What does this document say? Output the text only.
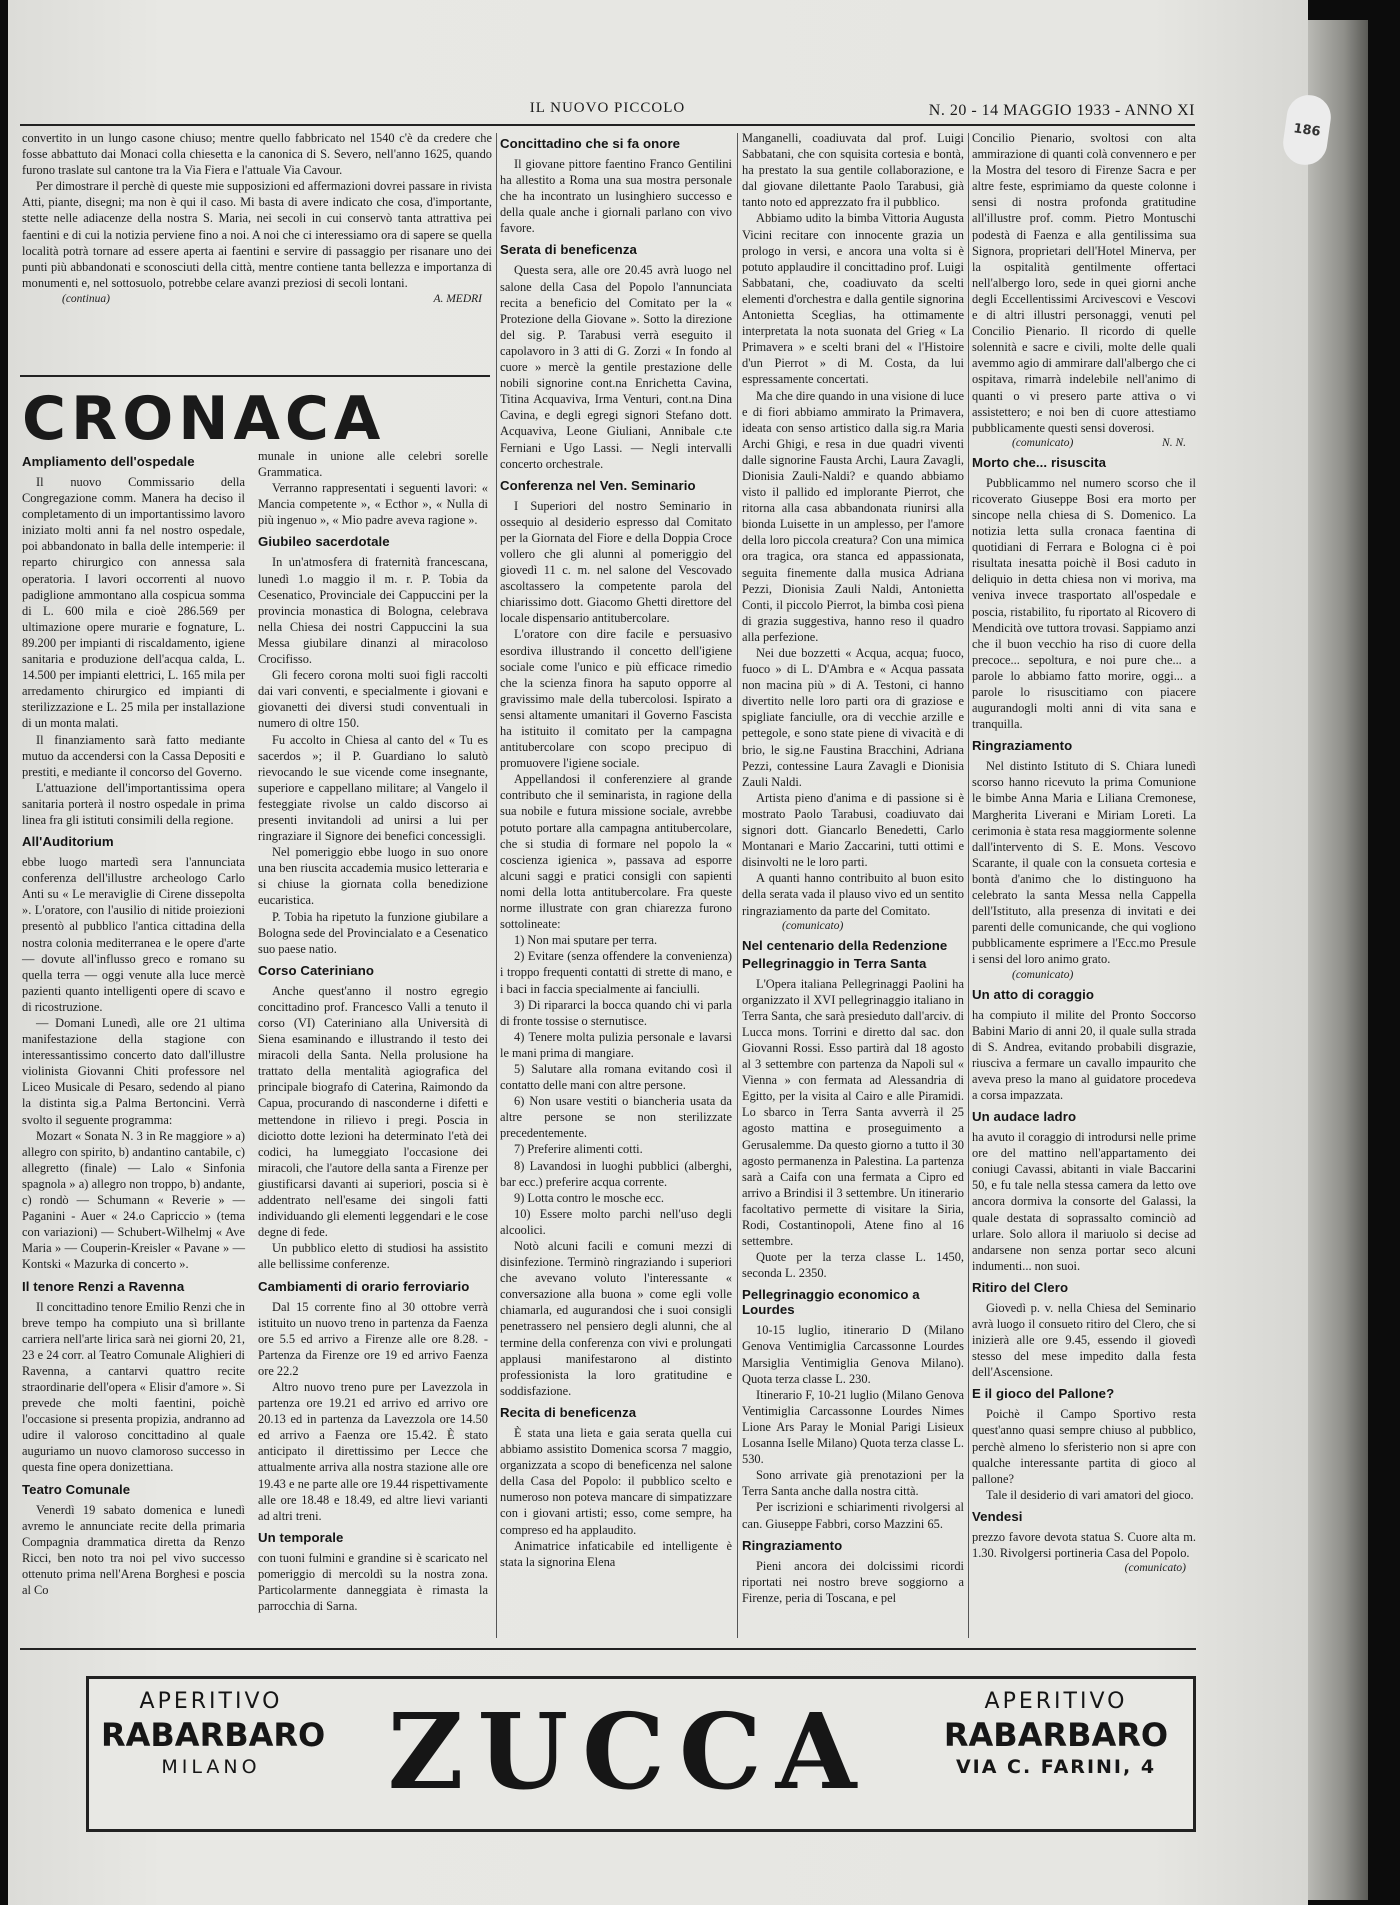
186
IL NUOVO PICCOLO	N. 20 - 14 MAGGIO 1933 - ANNO XI

convertito in un lungo casone chiuso; mentre quello fabbricato nel 1540 c'è da credere che fosse abbattuto dai Monaci colla chiesetta e la canonica di S. Severo, nell'anno 1625, quando furono traslate sul cantone tra la Via Fiera e l'attuale Via Cavour.

Per dimostrare il perchè di queste mie supposizioni ed affermazioni dovrei passare in rivista Atti, piante, disegni; ma non è qui il caso. Mi basta di avere indicato che cosa, d'importante, stette nelle adiacenze della nostra S. Maria, nei secoli in cui conservò tanta attrattiva pei faentini e di cui la notizia perviene fino a noi. A noi che ci interessiamo ora di sapere se quella località potrà tornare ad essere aperta ai faentini e servire di passaggio per risanare uno dei punti più abbandonati e sconosciuti della città, mentre contiene tanta bellezza e importanza di monumenti e, nel sottosuolo, potrebbe celare avanzi preziosi di secoli lontani.

(continua)	A. MEDRI
CRONACA
Ampliamento dell'ospedale

Il nuovo Commissario della Congregazione comm. Manera ha deciso il completamento di un importantissimo lavoro iniziato molti anni fa nel nostro ospedale, poi abbandonato in balla delle intemperie: il reparto chirurgico con annessa sala operatoria. I lavori occorrenti al nuovo padiglione ammontano alla cospicua somma di L. 600 mila e cioè 286.569 per ultimazione opere murarie e fognature, L. 89.200 per impianti di riscaldamento, igiene sanitaria e produzione dell'acqua calda, L. 14.500 per impianti elettrici, L. 165 mila per arredamento chirurgico ed impianti di sterilizzazione e L. 25 mila per installazione di un monta malati.

Il finanziamento sarà fatto mediante mutuo da accendersi con la Cassa Depositi e prestiti, e mediante il concorso del Governo.

L'attuazione dell'importantissima opera sanitaria porterà il nostro ospedale in prima linea fra gli istituti consimili della regione.

All'Auditorium

ebbe luogo martedì sera l'annunciata conferenza dell'illustre archeologo Carlo Anti su « Le meraviglie di Cirene dissepolta ». L'oratore, con l'ausilio di nitide proiezioni presentò al pubblico l'antica cittadina della nostra colonia mediterranea e le opere d'arte — dovute all'influsso greco e romano su quella terra — oggi venute alla luce mercè pazienti quanto intelligenti opere di scavo e di ricostruzione.

— Domani Lunedì, alle ore 21 ultima manifestazione della stagione con interessantissimo concerto dato dall'illustre violinista Giovanni Chiti professore nel Liceo Musicale di Pesaro, sedendo al piano la distinta sig.a Palma Bertoncini. Verrà svolto il seguente programma:

Mozart « Sonata N. 3 in Re maggiore » a) allegro con spirito, b) andantino cantabile, c) allegretto (finale) — Lalo « Sinfonia spagnola » a) allegro non troppo, b) andante, c) rondò — Schumann « Reverie » — Paganini - Auer « 24.o Capriccio » (tema con variazioni) — Schubert-Wilhelmj « Ave Maria » — Couperin-Kreisler « Pavane » — Kontski « Mazurka di concerto ».

Il tenore Renzi a Ravenna

Il concittadino tenore Emilio Renzi che in breve tempo ha compiuto una sì brillante carriera nell'arte lirica sarà nei giorni 20, 21, 23 e 24 corr. al Teatro Comunale Alighieri di Ravenna, a cantarvi quattro recite straordinarie dell'opera « Elisir d'amore ». Si prevede che molti faentini, poichè l'occasione si presenta propizia, andranno ad udire il valoroso concittadino al quale auguriamo un nuovo clamoroso successo in questa fine opera donizettiana.

Teatro Comunale

Venerdì 19 sabato domenica e lunedì avremo le annunciate recite della primaria Compagnia drammatica diretta da Renzo Ricci, ben noto tra noi pel vivo successo ottenuto prima nell'Arena Borghesi e poscia al Co

munale in unione alle celebri sorelle Grammatica.

Verranno rappresentati i seguenti lavori: « Mancia competente », « Ecthor », « Nulla di più ingenuo », « Mio padre aveva ragione ».

Giubileo sacerdotale

In un'atmosfera di fraternità francescana, lunedì 1.o maggio il m. r. P. Tobia da Cesenatico, Provinciale dei Cappuccini per la provincia monastica di Bologna, celebrava nella Chiesa dei nostri Cappuccini la sua Messa giubilare dinanzi al miracoloso Crocifisso.

Gli fecero corona molti suoi figli raccolti dai vari conventi, e specialmente i giovani e giovanetti dei diversi studi conventuali in numero di oltre 150.

Fu accolto in Chiesa al canto del « Tu es sacerdos »; il P. Guardiano lo salutò rievocando le sue vicende come insegnante, superiore e cappellano militare; al Vangelo il festeggiate rivolse un caldo discorso ai presenti invitandoli ad unirsi a lui per ringraziare il Signore dei benefici concessigli.

Nel pomeriggio ebbe luogo in suo onore una ben riuscita accademia musico letteraria e si chiuse la giornata colla benedizione eucaristica.

P. Tobia ha ripetuto la funzione giubilare a Bologna sede del Provincialato e a Cesenatico suo paese natio.

Corso Cateriniano

Anche quest'anno il nostro egregio concittadino prof. Francesco Valli a tenuto il corso (VI) Cateriniano alla Università di Siena esaminando e illustrando il testo dei miracoli della Santa. Nella prolusione ha trattato della mentalità agiografica del principale biografo di Caterina, Raimondo da Capua, procurando di nasconderne i difetti e mettendone in rilievo i pregi. Poscia in diciotto dotte lezioni ha determinato l'età dei codici, ha lumeggiato l'occasione dei miracoli, che l'autore della santa a Firenze per giustificarsi davanti ai superiori, poscia si è addentrato nell'esame dei singoli fatti individuando gli elementi leggendari e le cose degne di fede.

Un pubblico eletto di studiosi ha assistito alle bellissime conferenze.

Cambiamenti di orario ferroviario

Dal 15 corrente fino al 30 ottobre verrà istituito un nuovo treno in partenza da Faenza ore 5.5 ed arrivo a Firenze alle ore 8.28. - Partenza da Firenze ore 19 ed arrivo Faenza ore 22.2

Altro nuovo treno pure per Lavezzola in partenza ore 19.21 ed arrivo ed arrivo ore 20.13 ed in partenza da Lavezzola ore 14.50 ed arrivo a Faenza ore 15.42. È stato anticipato il direttissimo per Lecce che attualmente arriva alla nostra stazione alle ore 19.43 e ne parte alle ore 19.44 rispettivamente alle ore 18.48 e 18.49, ed altre lievi varianti ad altri treni.

Un temporale

con tuoni fulmini e grandine si è scaricato nel pomeriggio di mercoldì su la nostra zona. Particolarmente danneggiata è rimasta la parrocchia di Sarna.

Concittadino che si fa onore

Il giovane pittore faentino Franco Gentilini ha allestito a Roma una sua mostra personale che ha incontrato un lusinghiero successo e della quale anche i giornali parlano con vivo favore.

Serata di beneficenza

Questa sera, alle ore 20.45 avrà luogo nel salone della Casa del Popolo l'annunciata recita a beneficio del Comitato per la « Protezione della Giovane ». Sotto la direzione del sig. P. Tarabusi verrà eseguito il capolavoro in 3 atti di G. Zorzi « In fondo al cuore » mercè la gentile prestazione delle nobili signorine cont.na Enrichetta Cavina, Titina Acquaviva, Irma Venturi, cont.na Dina Cavina, e degli egregi signori Stefano dott. Acquaviva, Leone Giuliani, Annibale c.te Ferniani e Ugo Lassi. — Negli intervalli concerto orchestrale.

Conferenza nel Ven. Seminario

I Superiori del nostro Seminario in ossequio al desiderio espresso dal Comitato per la Giornata del Fiore e della Doppia Croce vollero che gli alunni al pomeriggio del giovedì 11 c. m. nel salone del Vescovado ascoltassero la competente parola del chiarissimo dott. Giacomo Ghetti direttore del locale dispensario antitubercolare.

L'oratore con dire facile e persuasivo esordiva illustrando il concetto dell'igiene sociale come l'unico e più efficace rimedio che la scienza finora ha saputo opporre al gravissimo male della tubercolosi. Ispirato a sensi altamente umanitari il Governo Fascista ha istituito il comitato per la campagna antitubercolare con scopo precipuo di promuovere l'igiene sociale.

Appellandosi il conferenziere al grande contributo che il seminarista, in ragione della sua nobile e futura missione sociale, avrebbe potuto portare alla campagna antitubercolare, che si studia di formare nel popolo la « coscienza igienica », passava ad esporre alcuni saggi e pratici consigli con sapienti nomi della lotta antitubercolare. Fra queste norme illustrate con gran chiarezza furono sottolineate:

1) Non mai sputare per terra.

2) Evitare (senza offendere la convenienza) i troppo frequenti contatti di strette di mano, e i baci in faccia specialmente ai fanciulli.

3) Di ripararci la bocca quando chi vi parla di fronte tossise o sternutisce.

4) Tenere molta pulizia personale e lavarsi le mani prima di mangiare.

5) Salutare alla romana evitando così il contatto delle mani con altre persone.

6) Non usare vestiti o biancheria usata da altre persone se non sterilizzate precedentemente.

7) Preferire alimenti cotti.

8) Lavandosi in luoghi pubblici (alberghi, bar ecc.) preferire acqua corrente.

9) Lotta contro le mosche ecc.

10) Essere molto parchi nell'uso degli alcoolici.

Notò alcuni facili e comuni mezzi di disinfezione. Terminò ringraziando i superiori che avevano voluto l'interessante « conversazione alla buona » come egli volle chiamarla, ed augurandosi che i suoi consigli penetrassero nel pensiero degli alunni, che al termine della conferenza con vivi e prolungati applausi manifestarono al distinto professionista la loro gratitudine e soddisfazione.

Recita di beneficenza

È stata una lieta e gaia serata quella cui abbiamo assistito Domenica scorsa 7 maggio, organizzata a scopo di beneficenza nel salone della Casa del Popolo: il pubblico scelto e numeroso non poteva mancare di simpatizzare con i giovani artisti; esso, come sempre, ha compreso ed ha applaudito.

Animatrice infaticabile ed intelligente è stata la signorina Elena

Manganelli, coadiuvata dal prof. Luigi Sabbatani, che con squisita cortesia e bontà, ha prestato la sua gentile collaborazione, e dal giovane dilettante Paolo Tarabusi, già tanto noto ed apprezzato fra il pubblico.

Abbiamo udito la bimba Vittoria Augusta Vicini recitare con innocente grazia un prologo in versi, e ancora una volta si è potuto applaudire il concittadino prof. Luigi Sabbatani, che, coadiuvato da scelti elementi d'orchestra e dalla gentile signorina Antonietta Sceglias, ha ottimamente interpretata la nota suonata del Grieg « La Primavera » e scelti brani del « l'Histoire d'un Pierrot » di M. Costa, da lui espressamente concertati.

Ma che dire quando in una visione di luce e di fiori abbiamo ammirato la Primavera, ideata con senso artistico dalla sig.ra Maria Archi Ghigi, e resa in due quadri viventi dalle signorine Fausta Archi, Laura Zavagli, Dionisia Zauli-Naldi? e quando abbiamo visto il pallido ed implorante Pierrot, che ritorna alla casa abbandonata riunirsi alla bionda Luisette in un amplesso, per l'amore della loro piccola creatura? Con una mimica ora tragica, ora stanca ed appassionata, seguita finemente dalla musica Adriana Pezzi, Dionisia Zauli Naldi, Antonietta Conti, il piccolo Pierrot, la bimba così piena di grazia suggestiva, hanno reso il quadro alla perfezione.

Nei due bozzetti « Acqua, acqua; fuoco, fuoco » di L. D'Ambra e « Acqua passata non macina più » di A. Testoni, ci hanno divertito nelle loro parti ora di graziose e spigliate fanciulle, ora di vecchie arzille e pettegole, e sono state piene di vivacità e di brio, le sig.ne Faustina Bracchini, Adriana Pezzi, contessine Laura Zavagli e Dionisia Zauli Naldi.

Artista pieno d'anima e di passione si è mostrato Paolo Tarabusi, coadiuvato dai signori dott. Giancarlo Benedetti, Carlo Montanari e Mario Zaccarini, tutti ottimi e disinvolti ne le loro parti.

A quanti hanno contribuito al buon esito della serata vada il plauso vivo ed un sentito ringraziamento da parte del Comitato.

(comunicato)
Nel centenario della Redenzione
Pellegrinaggio in Terra Santa

L'Opera italiana Pellegrinaggi Paolini ha organizzato il XVI pellegrinaggio italiano in Terra Santa, che sarà presieduto dall'arciv. di Lucca mons. Torrini e diretto dal sac. don Giovanni Rossi. Esso partirà dal 18 agosto al 3 settembre con partenza da Napoli sul « Vienna » con fermata ad Alessandria di Egitto, per la visita al Cairo e alle Piramidi. Lo sbarco in Terra Santa avverrà il 25 agosto mattina e proseguimento a Gerusalemme. Da questo giorno a tutto il 30 agosto permanenza in Palestina. La partenza sarà a Caifa con una fermata a Cipro ed arrivo a Brindisi il 3 settembre. Un itinerario facoltativo permette di visitare la Siria, Rodi, Costantinopoli, Atene fino al 16 settembre.

Quote per la terza classe L. 1450, seconda L. 2350.

Pellegrinaggio economico a Lourdes

10-15 luglio, itinerario D (Milano Genova Ventimiglia Carcassonne Lourdes Marsiglia Ventimiglia Genova Milano). Quota terza classe L. 230.

Itinerario F, 10-21 luglio (Milano Genova Ventimiglia Carcassonne Lourdes Nimes Lione Ars Paray le Monial Parigi Lisieux Losanna Iselle Milano) Quota terza classe L. 530.

Sono arrivate già prenotazioni per la Terra Santa anche dalla nostra città.

Per iscrizioni e schiarimenti rivolgersi al can. Giuseppe Fabbri, corso Mazzini 65.

Ringraziamento

Pieni ancora dei dolcissimi ricordi riportati nei nostro breve soggiorno a Firenze, peria di Toscana, e pel

Concilio Pienario, svoltosi con alta ammirazione di quanti colà convennero e per la Mostra del tesoro di Firenze Sacra e per altre feste, esprimiamo da queste colonne i sensi di nostra profonda gratitudine all'illustre prof. comm. Pietro Montuschi podestà di Faenza e alla gentilissima sua Signora, proprietari dell'Hotel Minerva, per la ospitalità gentilmente offertaci nell'albergo loro, sede in quei giorni anche degli Eccellentissimi Arcivescovi e Vescovi e di altri illustri personaggi, venuti pel Concilio Pienario. Il ricordo di quelle solennità e sacre e civili, molte delle quali avemmo agio di ammirare dall'albergo che ci ospitava, rimarrà indelebile nell'animo di quanti o vi presero parte attiva o vi assistettero; e noi ben di cuore attestiamo pubblicamente questi sensi doverosi.

(comunicato)	N. N.
Morto che... risuscita

Pubblicammo nel numero scorso che il ricoverato Giuseppe Bosi era morto per sincope nella chiesa di S. Domenico. La notizia letta sulla cronaca faentina di quotidiani di Ferrara e Bologna ci è poi risultata inesatta poichè il Bosi caduto in deliquio in detta chiesa non vi moriva, ma veniva invece trasportato all'ospedale e poscia, ristabilito, fu riportato al Ricovero di Mendicità ove tuttora trovasi. Sappiamo anzi che il buon vecchio ha riso di cuore della precoce... sepoltura, e noi pure che... a parole lo abbiamo fatto morire, oggi... a parole lo risuscitiamo con piacere augurandogli molti anni di vita sana e tranquilla.

Ringraziamento

Nel distinto Istituto di S. Chiara lunedì scorso hanno ricevuto la prima Comunione le bimbe Anna Maria e Liliana Cremonese, Margherita Liverani e Miriam Loreti. La cerimonia è stata resa maggiormente solenne dall'intervento di S. E. Mons. Vescovo Scarante, il quale con la consueta cortesia e bontà d'animo che lo distinguono ha celebrato la santa Messa nella Cappella dell'Istituto, alla presenza di invitati e dei parenti delle comunicande, che qui vogliono pubblicamente esprimere a l'Ecc.mo Presule i sensi del loro animo grato.

(comunicato)
Un atto di coraggio

ha compiuto il milite del Pronto Soccorso Babini Mario di anni 20, il quale sulla strada di S. Andrea, evitando probabili disgrazie, riusciva a fermare un cavallo impaurito che aveva preso la mano al guidatore procedeva a corsa impazzata.

Un audace ladro

ha avuto il coraggio di introdursi nelle prime ore del mattino nell'appartamento dei coniugi Cavassi, abitanti in viale Baccarini 50, e fu tale nella stessa camera da letto ove ancora dormiva la consorte del Galassi, la quale destata di soprassalto cominciò ad urlare. Solo allora il mariuolo si decise ad andarsene non senza portar seco alcuni indumenti... non suoi.

Ritiro del Clero

Giovedì p. v. nella Chiesa del Seminario avrà luogo il consueto ritiro del Clero, che si inizierà alle ore 9.45, essendo il giovedì stesso del mese impedito dalla festa dell'Ascensione.

E il gioco del Pallone?

Poichè il Campo Sportivo resta quest'anno quasi sempre chiuso al pubblico, perchè almeno lo sferisterio non si apre con qualche interessante partita di gioco al pallone?

Tale il desiderio di vari amatori del gioco.

Vendesi

prezzo favore devota statua S. Cuore alta m. 1.30. Rivolgersi portineria Casa del Popolo.

(comunicato)
APERITIVO
RABARBARO
MILANO	ZUCCA	APERITIVO
RABARBARO
VIA C. FARINI, 4
